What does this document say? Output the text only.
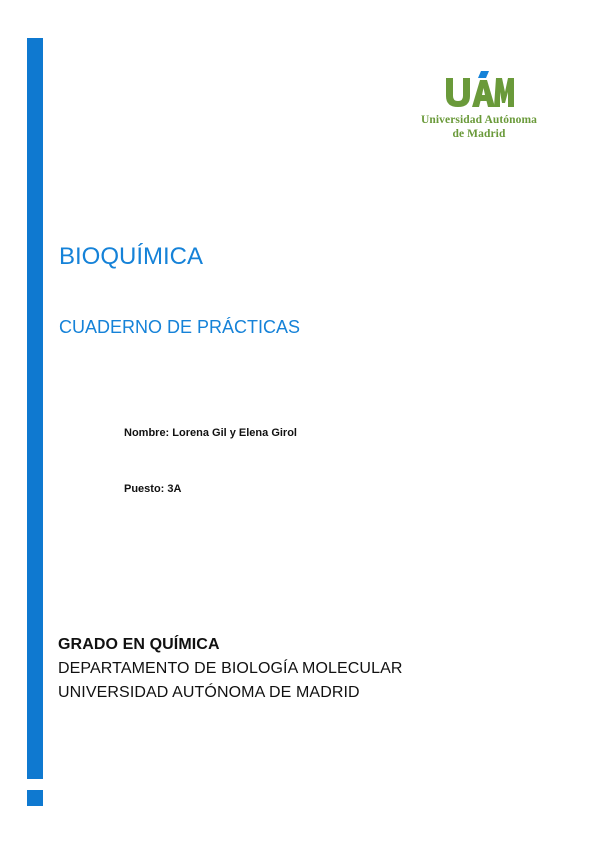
Universidad Autónoma
de Madrid
BIOQUÍMICA
CUADERNO DE PRÁCTICAS
Nombre: Lorena Gil y Elena Girol
Puesto: 3A
GRADO EN QUÍMICA
DEPARTAMENTO DE BIOLOGÍA MOLECULAR
UNIVERSIDAD AUTÓNOMA DE MADRID
